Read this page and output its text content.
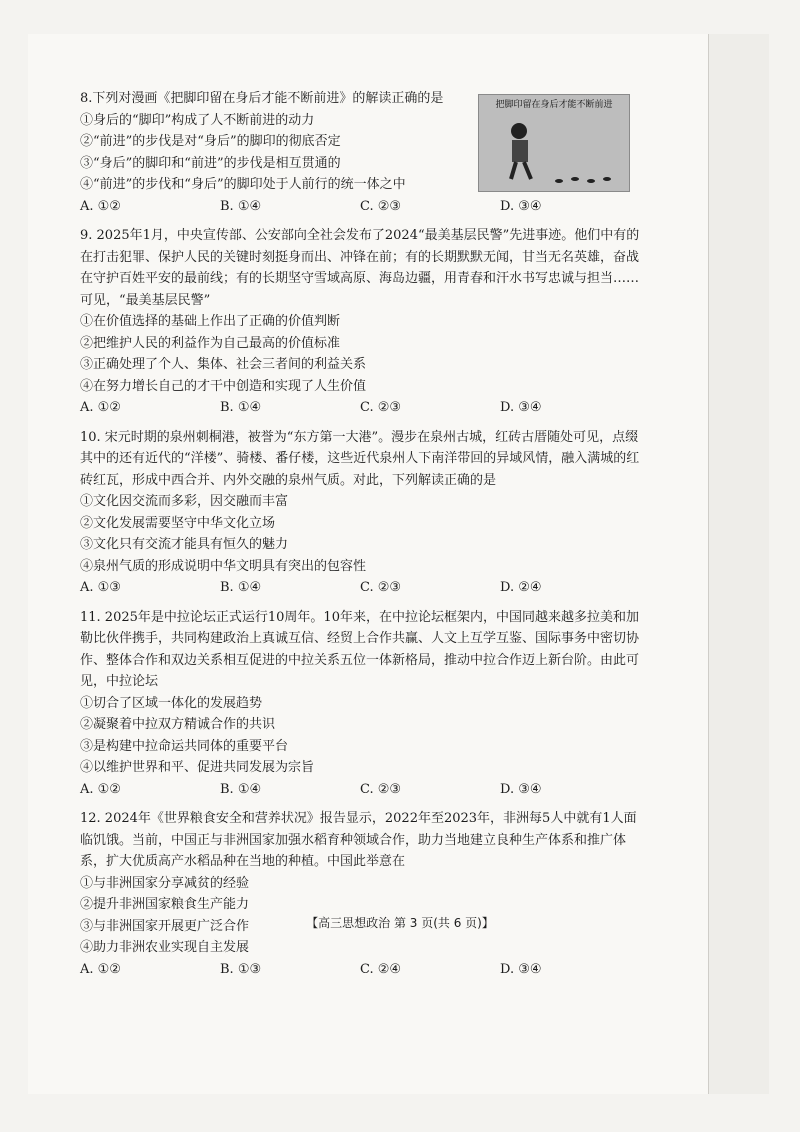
把脚印留在身后才能不断前进
8.下列对漫画《把脚印留在身后才能不断前进》的解读正确的是
①身后的“脚印”构成了人不断前进的动力
②“前进”的步伐是对“身后”的脚印的彻底否定
③“身后”的脚印和“前进”的步伐是相互贯通的
④“前进”的步伐和“身后”的脚印处于人前行的统一体之中
A. ①②	B. ①④	C. ②③	D. ③④
9. 2025年1月，中央宣传部、公安部向全社会发布了2024“最美基层民警”先进事迹。他们中有的在打击犯罪、保护人民的关键时刻挺身而出、冲锋在前；有的长期默默无闻，甘当无名英雄，奋战在守护百姓平安的最前线；有的长期坚守雪域高原、海岛边疆，用青春和汗水书写忠诚与担当……可见，“最美基层民警”
①在价值选择的基础上作出了正确的价值判断
②把维护人民的利益作为自己最高的价值标准
③正确处理了个人、集体、社会三者间的利益关系
④在努力增长自己的才干中创造和实现了人生价值
A. ①②	B. ①④	C. ②③	D. ③④
10. 宋元时期的泉州刺桐港，被誉为“东方第一大港”。漫步在泉州古城，红砖古厝随处可见，点缀其中的还有近代的“洋楼”、骑楼、番仔楼，这些近代泉州人下南洋带回的异域风情，融入满城的红砖红瓦，形成中西合并、内外交融的泉州气质。对此，下列解读正确的是
①文化因交流而多彩，因交融而丰富
②文化发展需要坚守中华文化立场
③文化只有交流才能具有恒久的魅力
④泉州气质的形成说明中华文明具有突出的包容性
A. ①③	B. ①④	C. ②③	D. ②④
11. 2025年是中拉论坛正式运行10周年。10年来，在中拉论坛框架内，中国同越来越多拉美和加勒比伙伴携手，共同构建政治上真诚互信、经贸上合作共赢、人文上互学互鉴、国际事务中密切协作、整体合作和双边关系相互促进的中拉关系五位一体新格局，推动中拉合作迈上新台阶。由此可见，中拉论坛
①切合了区域一体化的发展趋势
②凝聚着中拉双方精诚合作的共识
③是构建中拉命运共同体的重要平台
④以维护世界和平、促进共同发展为宗旨
A. ①②	B. ①④	C. ②③	D. ③④
12. 2024年《世界粮食安全和营养状况》报告显示，2022年至2023年，非洲每5人中就有1人面临饥饿。当前，中国正与非洲国家加强水稻育种领域合作，助力当地建立良种生产体系和推广体系，扩大优质高产水稻品种在当地的种植。中国此举意在
①与非洲国家分享减贫的经验
②提升非洲国家粮食生产能力
③与非洲国家开展更广泛合作
④助力非洲农业实现自主发展
A. ①②	B. ①③	C. ②④	D. ③④
【高三思想政治 第 3 页(共 6 页)】
